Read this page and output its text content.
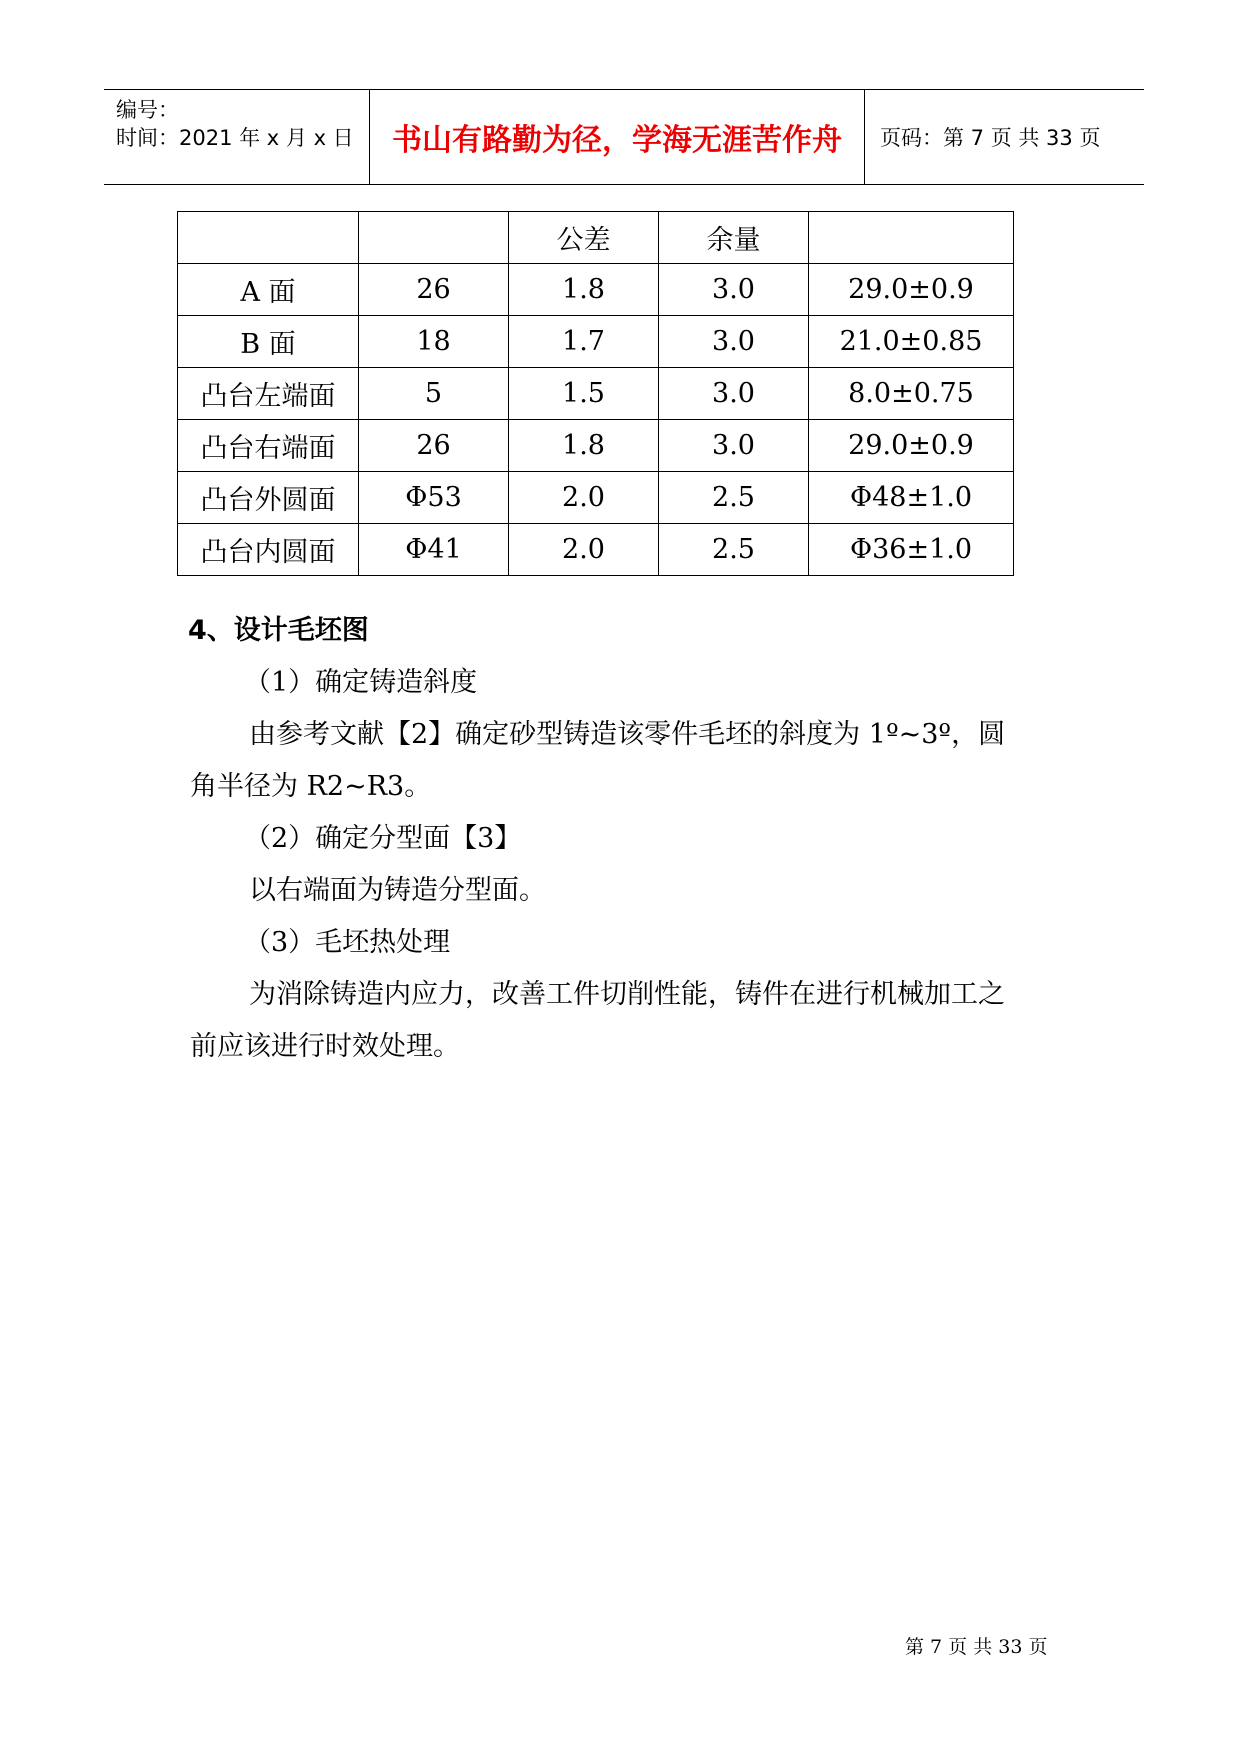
编号：
时间：2021 年 x 月 x 日 书山有路勤为径，学海无涯苦作舟 页码：第 7 页 共 33 页
		公差	余量	
A 面	26	1.8	3.0	29.0±0.9
B 面	18	1.7	3.0	21.0±0.85
凸台左端面	5	1.5	3.0	8.0±0.75
凸台右端面	26	1.8	3.0	29.0±0.9
凸台外圆面	Φ53	2.0	2.5	Φ48±1.0
凸台内圆面	Φ41	2.0	2.5	Φ36±1.0
4、设计毛坯图
（1）确定铸造斜度
由参考文献【2】确定砂型铸造该零件毛坯的斜度为 1º~3º，圆
角半径为 R2~R3。
（2）确定分型面【3】
以右端面为铸造分型面。
（3）毛坯热处理
为消除铸造内应力，改善工件切削性能，铸件在进行机械加工之
前应该进行时效处理。
第 7 页 共 33 页
